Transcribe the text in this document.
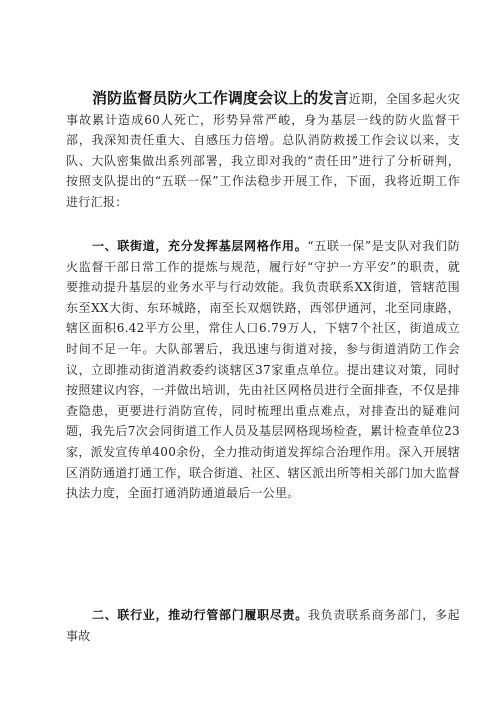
消防监督员防火工作调度会议上的发言近期，全国多起火灾事故累计造成60人死亡，形势异常严峻，身为基层一线的防火监督干部，我深知责任重大、自感压力倍增。总队消防救援工作会议以来，支队、大队密集做出系列部署，我立即对我的“责任田”进行了分析研判，按照支队提出的“五联一保”工作法稳步开展工作，下面，我将近期工作进行汇报：
一、联街道，充分发挥基层网格作用。“五联一保”是支队对我们防火监督干部日常工作的提炼与规范，履行好“守护一方平安”的职责，就要推动提升基层的业务水平与行动效能。我负责联系XX街道，管辖范围东至XX大街、东环城路，南至长双烟铁路，西邻伊通河，北至同康路，辖区面积6.42平方公里，常住人口6.79万人，下辖7个社区，街道成立时间不足一年。大队部署后，我迅速与街道对接，参与街道消防工作会议，立即推动街道消救委约谈辖区37家重点单位。提出建议对策，同时按照建议内容，一并做出培训，先由社区网格员进行全面排查，不仅是排查隐患，更要进行消防宣传，同时梳理出重点难点，对排查出的疑难问题，我先后7次会同街道工作人员及基层网格现场检查，累计检查单位23家，派发宣传单400余份，全力推动街道发挥综合治理作用。深入开展辖区消防通道打通工作，联合街道、社区、辖区派出所等相关部门加大监督执法力度，全面打通消防通道最后一公里。
二、联行业，推动行管部门履职尽责。我负责联系商务部门，多起事故
